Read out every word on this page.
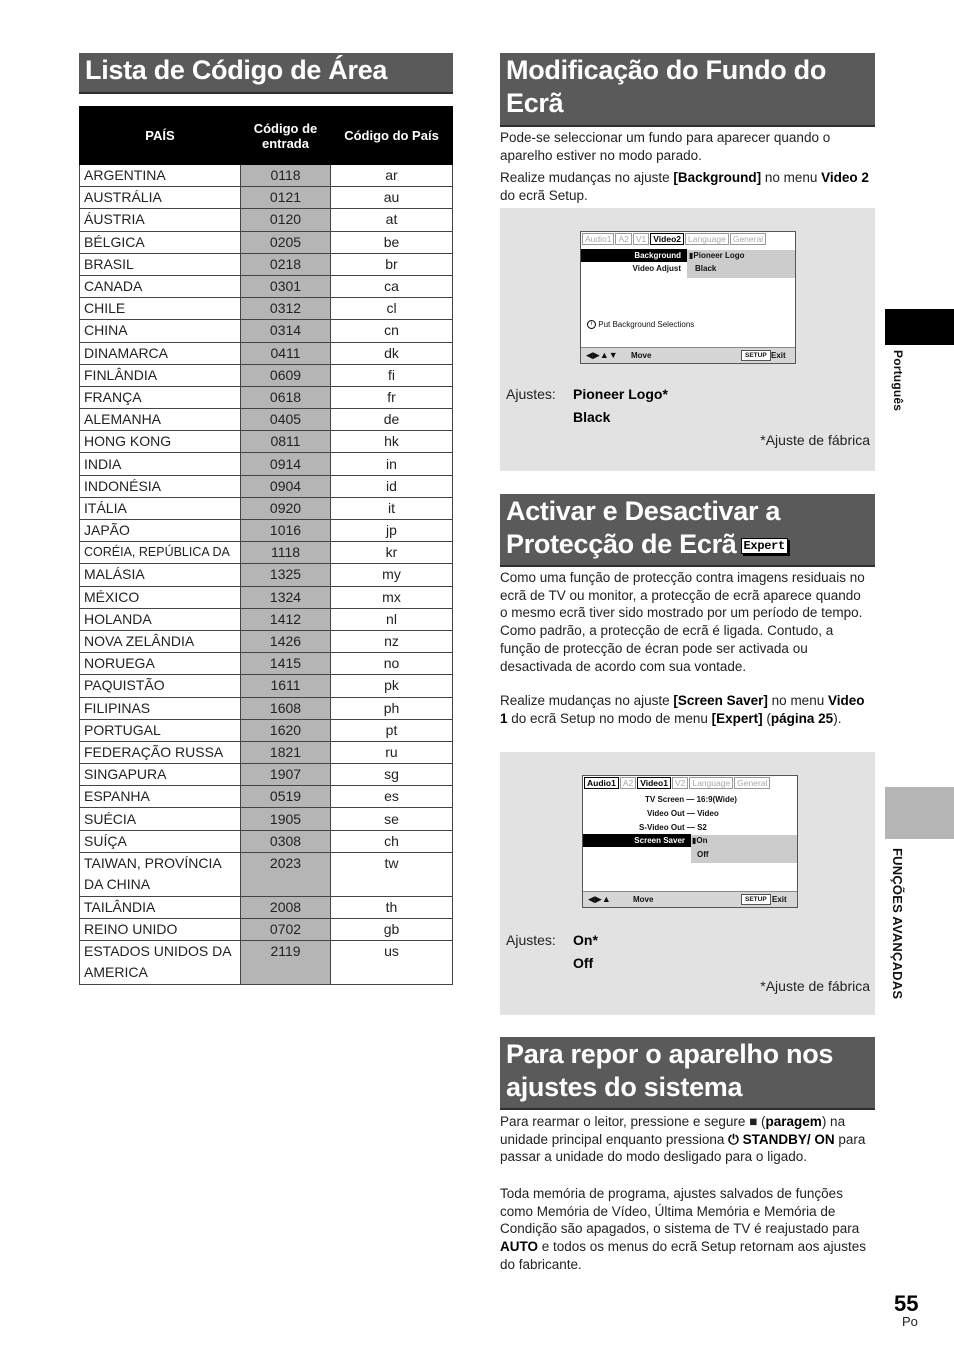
Lista de Código de Área
PAÍS	Código de entrada	Código do País
ARGENTINA	0118	ar
AUSTRÁLIA	0121	au
ÁUSTRIA	0120	at
BÉLGICA	0205	be
BRASIL	0218	br
CANADA	0301	ca
CHILE	0312	cl
CHINA	0314	cn
DINAMARCA	0411	dk
FINLÂNDIA	0609	fi
FRANÇA	0618	fr
ALEMANHA	0405	de
HONG KONG	0811	hk
INDIA	0914	in
INDONÉSIA	0904	id
ITÁLIA	0920	it
JAPÃO	1016	jp
CORÉIA, REPÚBLICA DA	1118	kr
MALÁSIA	1325	my
MÉXICO	1324	mx
HOLANDA	1412	nl
NOVA ZELÂNDIA	1426	nz
NORUEGA	1415	no
PAQUISTÃO	1611	pk
FILIPINAS	1608	ph
PORTUGAL	1620	pt
FEDERAÇÃO RUSSA	1821	ru
SINGAPURA	1907	sg
ESPANHA	0519	es
SUÉCIA	1905	se
SUÍÇA	0308	ch
TAIWAN, PROVÍNCIA DA CHINA	2023	tw
TAILÂNDIA	2008	th
REINO UNIDO	0702	gb
ESTADOS UNIDOS DA AMERICA	2119	us
Modificação do Fundo do Ecrã
Pode-se seleccionar um fundo para aparecer quando o aparelho estiver no modo parado.
Realize mudanças no ajuste [Background] no menu Video 2 do ecrã Setup.
Audio1 A2 V1 Video2 Language General
Background
Video Adjust
▮Pioneer Logo
Black
i Put Background Selections
◀▶▲▼ Move	SETUP Exit
Ajustes: Pioneer Logo*
Black
*Ajuste de fábrica
Activar e Desactivar a Protecção de Ecrã Expert
Como uma função de protecção contra imagens residuais no ecrã de TV ou monitor, a protecção de ecrã aparece quando o mesmo ecrã tiver sido mostrado por um período de tempo. Como padrão, a protecção de ecrã é ligada. Contudo, a função de protecção de écran pode ser activada ou desactivada de acordo com sua vontade.
Realize mudanças no ajuste [Screen Saver] no menu Video 1 do ecrã Setup no modo de menu [Expert] (página 25).
Audio1 A2 Video1 V2 Language General
TV Screen — 16:9(Wide)
Video Out — Video
S-Video Out — S2
Screen Saver ▮On
Off
◀▶▲	Move	SETUP Exit
Ajustes: On*
Off
*Ajuste de fábrica
Para repor o aparelho nos ajustes do sistema
Para rearmar o leitor, pressione e segure ■ (paragem) na unidade principal enquanto pressiona ⏻ STANDBY/ ON para passar a unidade do modo desligado para o ligado.
Toda memória de programa, ajustes salvados de funções como Memória de Vídeo, Última Memória e Memória de Condição são apagados, o sistema de TV é reajustado para AUTO e todos os menus do ecrã Setup retornam aos ajustes do fabricante.
Português
FUNÇÕES AVANÇADAS
55
Po
